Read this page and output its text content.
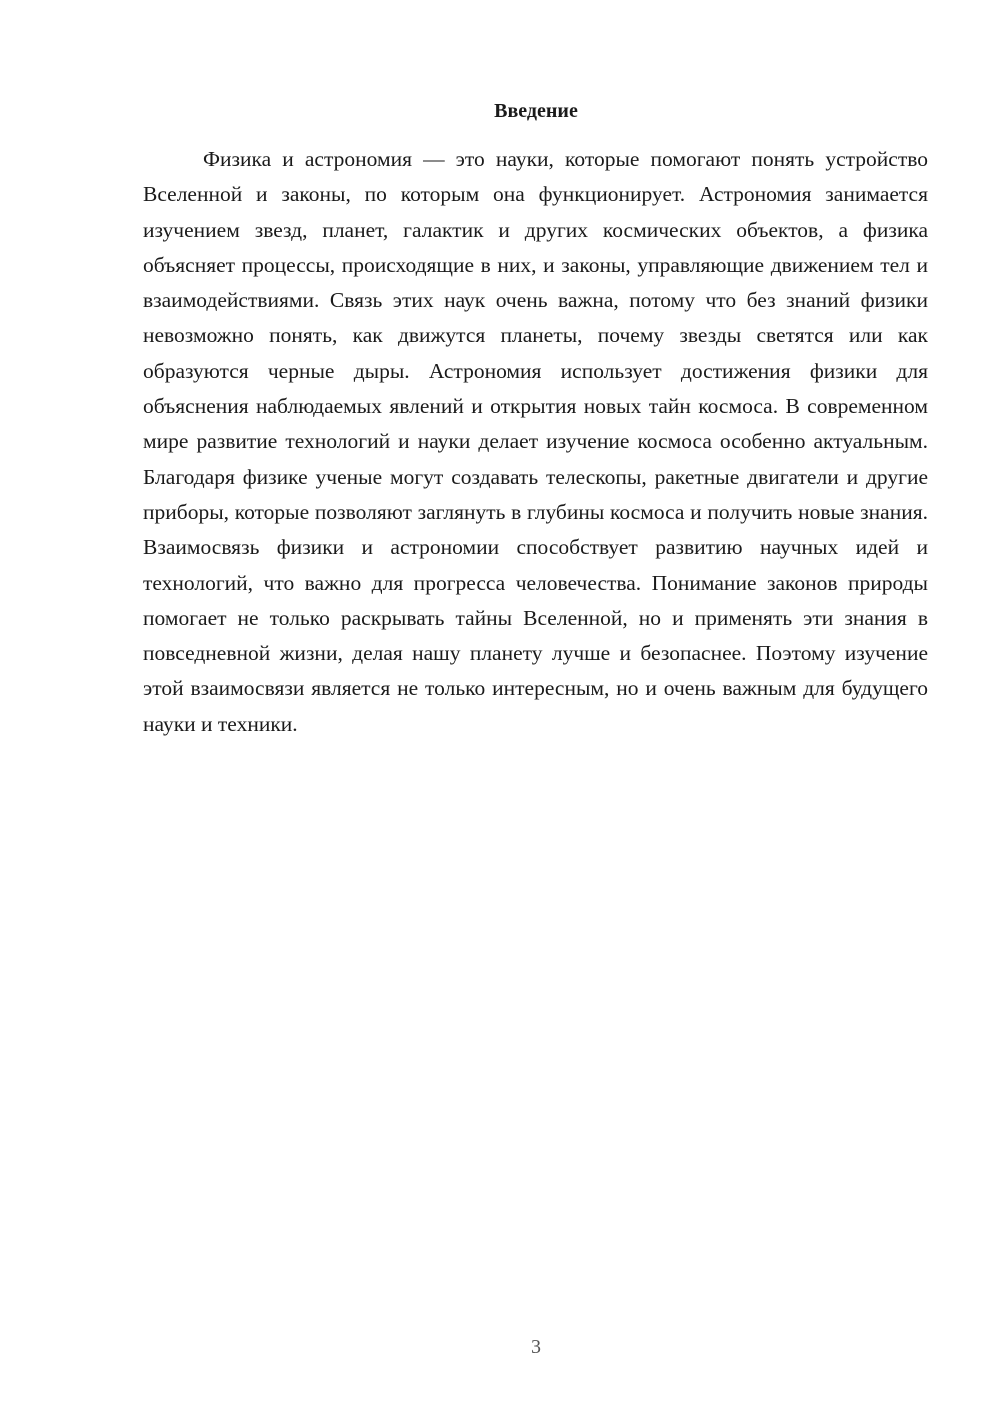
Введение

Физика и астрономия — это науки, которые помогают понять устройство Вселенной и законы, по которым она функционирует. Астрономия занимается изучением звезд, планет, галактик и других космических объектов, а физика объясняет процессы, происходящие в них, и законы, управляющие движением тел и взаимодействиями. Связь этих наук очень важна, потому что без знаний физики невозможно понять, как движутся планеты, почему звезды светятся или как образуются черные дыры. Астрономия использует достижения физики для объяснения наблюдаемых явлений и открытия новых тайн космоса. В современном мире развитие технологий и науки делает изучение космоса особенно актуальным. Благодаря физике ученые могут создавать телескопы, ракетные двигатели и другие приборы, которые позволяют заглянуть в глубины космоса и получить новые знания. Взаимосвязь физики и астрономии способствует развитию научных идей и технологий, что важно для прогресса человечества. Понимание законов природы помогает не только раскрывать тайны Вселенной, но и применять эти знания в повседневной жизни, делая нашу планету лучше и безопаснее. Поэтому изучение этой взаимосвязи является не только интересным, но и очень важным для будущего науки и техники.

3
